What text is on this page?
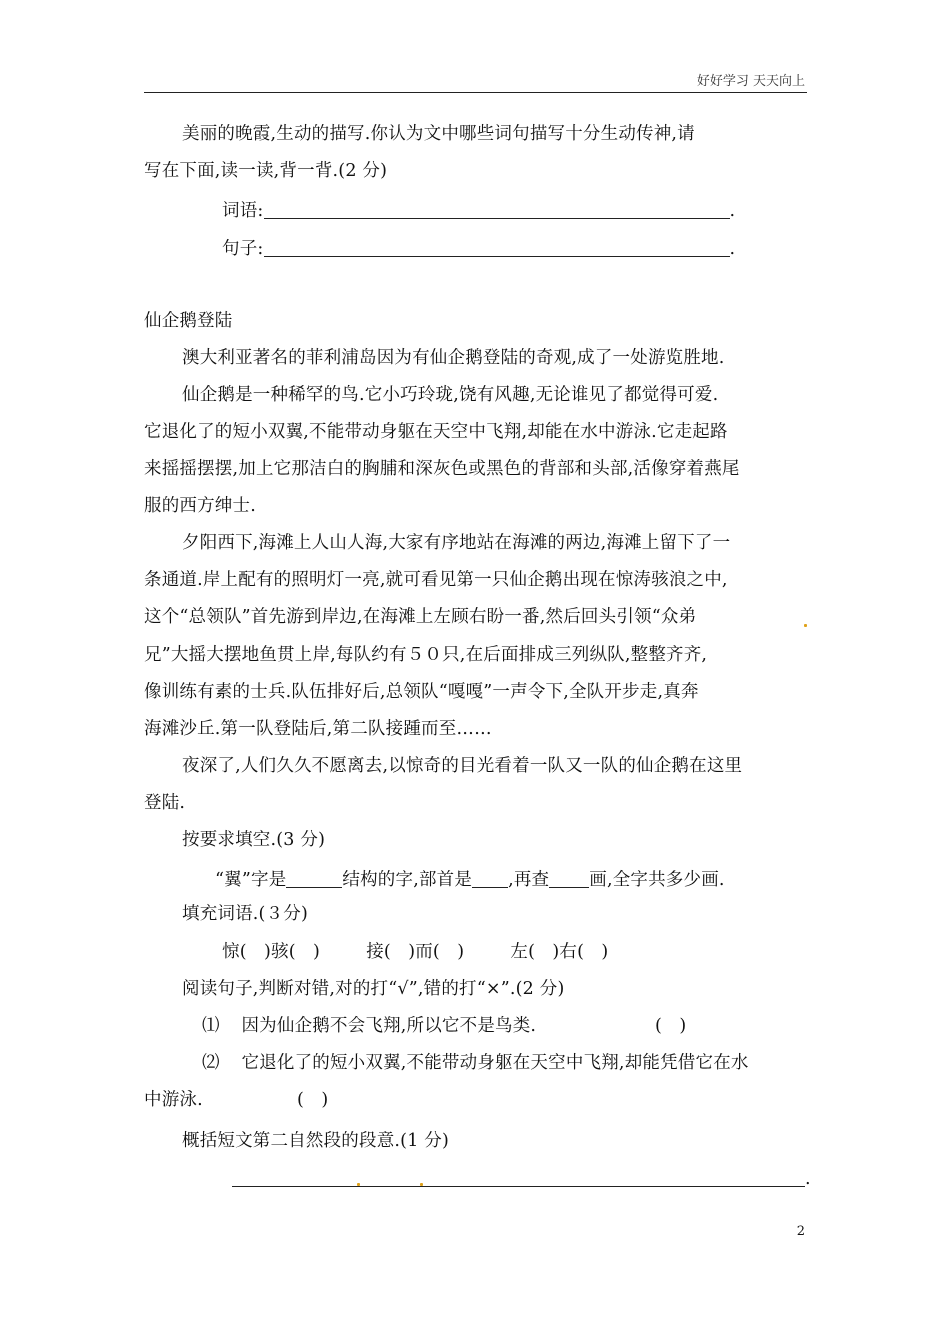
好好学习 天天向上
美丽的晚霞,生动的描写.你认为文中哪些词句描写十分生动传神,请
写在下面,读一读,背一背.(2 分)
词语:	.
句子:	.
仙企鹅登陆
澳大利亚著名的菲利浦岛因为有仙企鹅登陆的奇观,成了一处游览胜地.
仙企鹅是一种稀罕的鸟.它小巧玲珑,饶有风趣,无论谁见了都觉得可爱.
它退化了的短小双翼,不能带动身躯在天空中飞翔,却能在水中游泳.它走起路
来摇摇摆摆,加上它那洁白的胸脯和深灰色或黑色的背部和头部,活像穿着燕尾
服的西方绅士.
夕阳西下,海滩上人山人海,大家有序地站在海滩的两边,海滩上留下了一
条通道.岸上配有的照明灯一亮,就可看见第一只仙企鹅出现在惊涛骇浪之中,
这个“总领队”首先游到岸边,在海滩上左顾右盼一番,然后回头引领“众弟
兄”大摇大摆地鱼贯上岸,每队约有５０只,在后面排成三列纵队,整整齐齐,
像训练有素的士兵.队伍排好后,总领队“嘎嘎”一声令下,全队开步走,真奔
海滩沙丘.第一队登陆后,第二队接踵而至……
夜深了,人们久久不愿离去,以惊奇的目光看着一队又一队的仙企鹅在这里
登陆.
按要求填空.(3 分)
“翼”字是	结构的字,部首是 ,再查 画,全字共多少画.
填充词语.(３分)
惊(   )骇(   )        接(   )而(   )        左(   )右(   )
阅读句子,判断对错,对的打“√”,错的打“×”.(2 分)
⑴ 因为仙企鹅不会飞翔,所以它不是鸟类.	(   )
⑵ 它退化了的短小双翼,不能带动身躯在天空中飞翔,却能凭借它在水
中游泳.	(   )
概括短文第二自然段的段意.(1 分)
.
2
